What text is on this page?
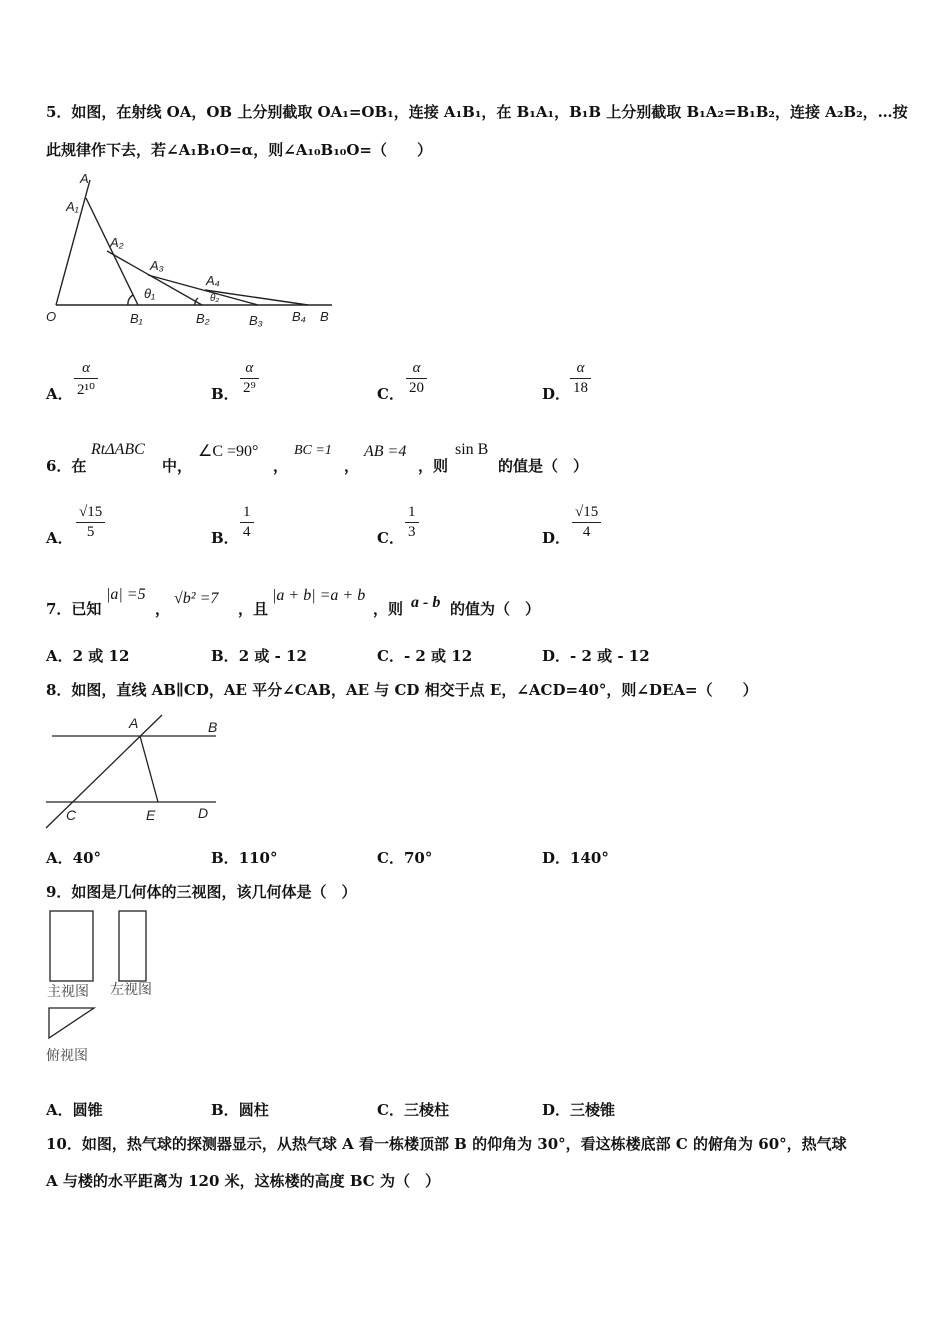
5．如图，在射线 OA，OB 上分别截取 OA₁=OB₁，连接 A₁B₁，在 B₁A₁，B₁B 上分别截取 B₁A₂=B₁B₂，连接 A₂B₂，…按
此规律作下去，若∠A₁B₁O=α，则∠A₁₀B₁₀O=（　　）
A
A₁
A₂
A₃
A₄
θ₁	θ₂
O	B₁	B₂	B₃ B₄ B
A．
α
2¹⁰	B．
α
2⁹	C．
α
20	D．
α
18
6．在
RtΔABC
中，
∠C =90°
，
BC =1
，
AB =4
，则
sin B
的值是（　）
A．
√15
5	B．
1
4	C．
1
3	D．
√15
4
7．已知
|a| =5
，
√b² =7
，且
|a + b| =a + b
，则 a - b 的值为（　）
A．2 或 12	B．2 或 - 12	C．- 2 或 12	D．- 2 或 - 12
8．如图，直线 AB∥CD，AE 平分∠CAB，AE 与 CD 相交于点 E，∠ACD=40°，则∠DEA=（　　）
A	B
C	E	D
A．40°	B．110°	C．70°	D．140°
9．如图是几何体的三视图，该几何体是（　）
主视图 左视图
俯视图
A．圆锥	B．圆柱	C．三棱柱	D．三棱锥
10．如图，热气球的探测器显示，从热气球 A 看一栋楼顶部 B 的仰角为 30°，看这栋楼底部 C 的俯角为 60°，热气球
A 与楼的水平距离为 120 米，这栋楼的高度 BC 为（　）
